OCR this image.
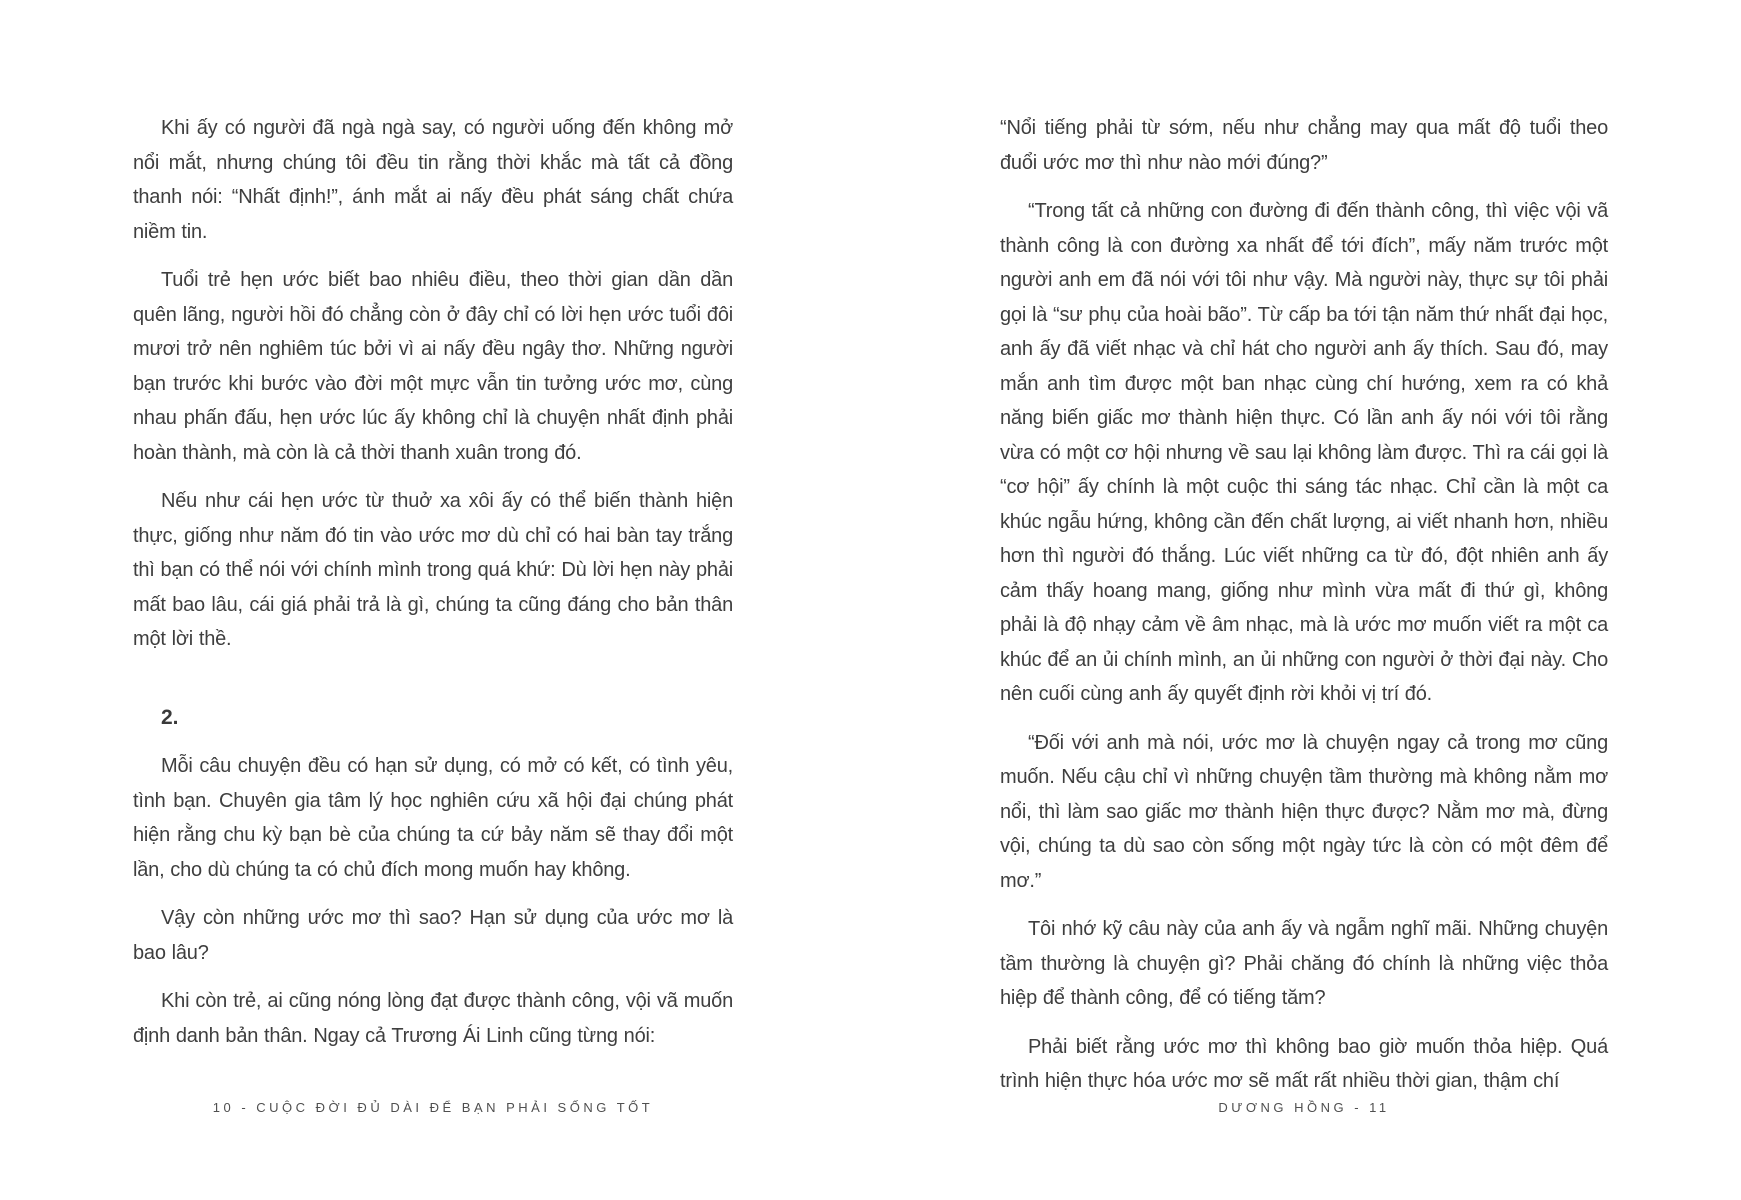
Khi ấy có người đã ngà ngà say, có người uống đến không mở nổi mắt, nhưng chúng tôi đều tin rằng thời khắc mà tất cả đồng thanh nói: “Nhất định!”, ánh mắt ai nấy đều phát sáng chất chứa niềm tin.

Tuổi trẻ hẹn ước biết bao nhiêu điều, theo thời gian dần dần quên lãng, người hồi đó chẳng còn ở đây chỉ có lời hẹn ước tuổi đôi mươi trở nên nghiêm túc bởi vì ai nấy đều ngây thơ. Những người bạn trước khi bước vào đời một mực vẫn tin tưởng ước mơ, cùng nhau phấn đấu, hẹn ước lúc ấy không chỉ là chuyện nhất định phải hoàn thành, mà còn là cả thời thanh xuân trong đó.

Nếu như cái hẹn ước từ thuở xa xôi ấy có thể biến thành hiện thực, giống như năm đó tin vào ước mơ dù chỉ có hai bàn tay trắng thì bạn có thể nói với chính mình trong quá khứ: Dù lời hẹn này phải mất bao lâu, cái giá phải trả là gì, chúng ta cũng đáng cho bản thân một lời thề.

2.

Mỗi câu chuyện đều có hạn sử dụng, có mở có kết, có tình yêu, tình bạn. Chuyên gia tâm lý học nghiên cứu xã hội đại chúng phát hiện rằng chu kỳ bạn bè của chúng ta cứ bảy năm sẽ thay đổi một lần, cho dù chúng ta có chủ đích mong muốn hay không.

Vậy còn những ước mơ thì sao? Hạn sử dụng của ước mơ là bao lâu?

Khi còn trẻ, ai cũng nóng lòng đạt được thành công, vội vã muốn định danh bản thân. Ngay cả Trương Ái Linh cũng từng nói:

10 - CUỘC ĐỜI ĐỦ DÀI ĐỂ BẠN PHẢI SỐNG TỐT

“Nổi tiếng phải từ sớm, nếu như chẳng may qua mất độ tuổi theo đuổi ước mơ thì như nào mới đúng?”

“Trong tất cả những con đường đi đến thành công, thì việc vội vã thành công là con đường xa nhất để tới đích”, mấy năm trước một người anh em đã nói với tôi như vậy. Mà người này, thực sự tôi phải gọi là “sư phụ của hoài bão”. Từ cấp ba tới tận năm thứ nhất đại học, anh ấy đã viết nhạc và chỉ hát cho người anh ấy thích. Sau đó, may mắn anh tìm được một ban nhạc cùng chí hướng, xem ra có khả năng biến giấc mơ thành hiện thực. Có lần anh ấy nói với tôi rằng vừa có một cơ hội nhưng về sau lại không làm được. Thì ra cái gọi là “cơ hội” ấy chính là một cuộc thi sáng tác nhạc. Chỉ cần là một ca khúc ngẫu hứng, không cần đến chất lượng, ai viết nhanh hơn, nhiều hơn thì người đó thắng. Lúc viết những ca từ đó, đột nhiên anh ấy cảm thấy hoang mang, giống như mình vừa mất đi thứ gì, không phải là độ nhạy cảm về âm nhạc, mà là ước mơ muốn viết ra một ca khúc để an ủi chính mình, an ủi những con người ở thời đại này. Cho nên cuối cùng anh ấy quyết định rời khỏi vị trí đó.

“Đối với anh mà nói, ước mơ là chuyện ngay cả trong mơ cũng muốn. Nếu cậu chỉ vì những chuyện tầm thường mà không nằm mơ nổi, thì làm sao giấc mơ thành hiện thực được? Nằm mơ mà, đừng vội, chúng ta dù sao còn sống một ngày tức là còn có một đêm để mơ.”

Tôi nhớ kỹ câu này của anh ấy và ngẫm nghĩ mãi. Những chuyện tầm thường là chuyện gì? Phải chăng đó chính là những việc thỏa hiệp để thành công, để có tiếng tăm?

Phải biết rằng ước mơ thì không bao giờ muốn thỏa hiệp. Quá trình hiện thực hóa ước mơ sẽ mất rất nhiều thời gian, thậm chí

DƯƠNG HỒNG - 11
